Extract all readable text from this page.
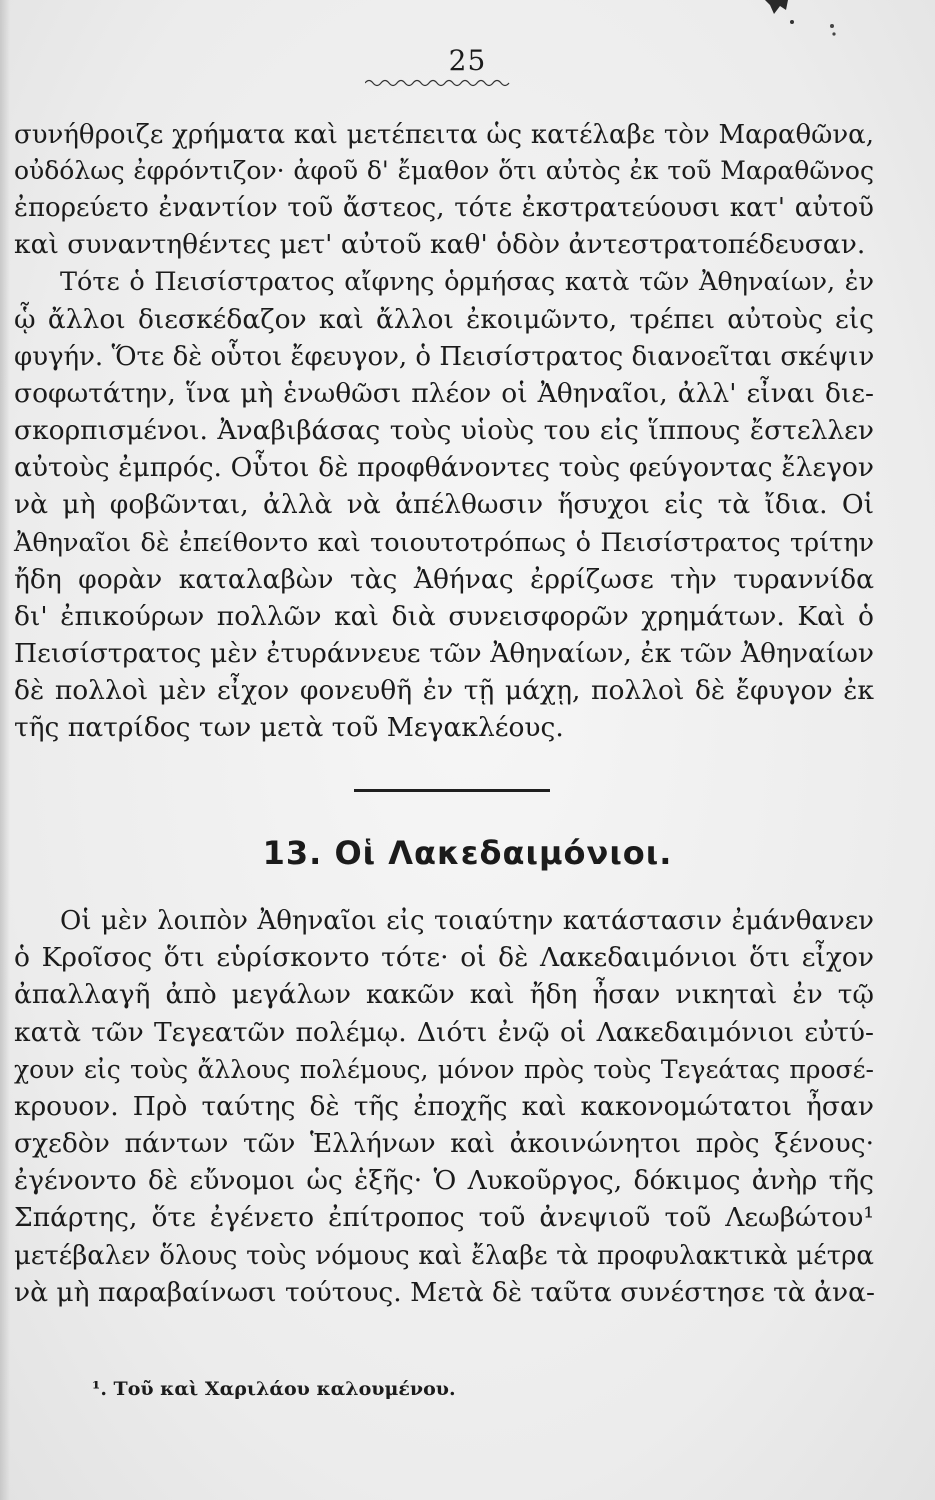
25
συνήθροιζε χρήματα καὶ μετέπειτα ὡς κατέλαβε τὸν Μαραθῶνα,
οὐδόλως ἐφρόντιζον· ἀφοῦ δ' ἔμαθον ὅτι αὐτὸς ἐκ τοῦ Μαραθῶνος
ἐπορεύετο ἐναντίον τοῦ ἄστεος, τότε ἐκστρατεύουσι κατ' αὐτοῦ
καὶ συναντηθέντες μετ' αὐτοῦ καθ' ὁδὸν ἀντεστρατοπέδευσαν.
Τότε ὁ Πεισίστρατος αἴφνης ὁρμήσας κατὰ τῶν Ἀθηναίων, ἐν
ᾧ ἄλλοι διεσκέδαζον καὶ ἄλλοι ἐκοιμῶντο, τρέπει αὐτοὺς εἰς
φυγήν. Ὅτε δὲ οὗτοι ἔφευγον, ὁ Πεισίστρατος διανοεῖται σκέψιν
σοφωτάτην, ἵνα μὴ ἑνωθῶσι πλέον οἱ Ἀθηναῖοι, ἀλλ' εἶναι διε-
σκορπισμένοι. Ἀναβιβάσας τοὺς υἱοὺς του εἰς ἵππους ἔστελλεν
αὐτοὺς ἐμπρός. Οὗτοι δὲ προφθάνοντες τοὺς φεύγοντας ἔλεγον
νὰ μὴ φοβῶνται, ἀλλὰ νὰ ἀπέλθωσιν ἥσυχοι εἰς τὰ ἴδια. Οἱ
Ἀθηναῖοι δὲ ἐπείθοντο καὶ τοιουτοτρόπως ὁ Πεισίστρατος τρίτην
ἤδη φορὰν καταλαβὼν τὰς Ἀθήνας ἐρρίζωσε τὴν τυραννίδα
δι' ἐπικούρων πολλῶν καὶ διὰ συνεισφορῶν χρημάτων. Καὶ ὁ
Πεισίστρατος μὲν ἐτυράννευε τῶν Ἀθηναίων, ἐκ τῶν Ἀθηναίων
δὲ πολλοὶ μὲν εἶχον φονευθῆ ἐν τῇ μάχῃ, πολλοὶ δὲ ἔφυγον ἐκ
τῆς πατρίδος των μετὰ τοῦ Μεγακλέους.
13. Οἱ Λακεδαιμόνιοι.
Οἱ μὲν λοιπὸν Ἀθηναῖοι εἰς τοιαύτην κατάστασιν ἐμάνθανεν
ὁ Κροῖσος ὅτι εὑρίσκοντο τότε· οἱ δὲ Λακεδαιμόνιοι ὅτι εἶχον
ἀπαλλαγῆ ἀπὸ μεγάλων κακῶν καὶ ἤδη ἦσαν νικηταὶ ἐν τῷ
κατὰ τῶν Τεγεατῶν πολέμῳ. Διότι ἐνῷ οἱ Λακεδαιμόνιοι εὐτύ-
χουν εἰς τοὺς ἄλλους πολέμους, μόνον πρὸς τοὺς Τεγεάτας προσέ-
κρουον. Πρὸ ταύτης δὲ τῆς ἐποχῆς καὶ κακονομώτατοι ἦσαν
σχεδὸν πάντων τῶν Ἑλλήνων καὶ ἀκοινώνητοι πρὸς ξένους·
ἐγένοντο δὲ εὔνομοι ὡς ἑξῆς· Ὁ Λυκοῦργος, δόκιμος ἀνὴρ τῆς
Σπάρτης, ὅτε ἐγένετο ἐπίτροπος τοῦ ἀνεψιοῦ τοῦ Λεωβώτου¹
μετέβαλεν ὅλους τοὺς νόμους καὶ ἔλαβε τὰ προφυλακτικὰ μέτρα
νὰ μὴ παραβαίνωσι τούτους. Μετὰ δὲ ταῦτα συνέστησε τὰ ἀνα-
¹. Τοῦ καὶ Χαριλάου καλουμένου.
